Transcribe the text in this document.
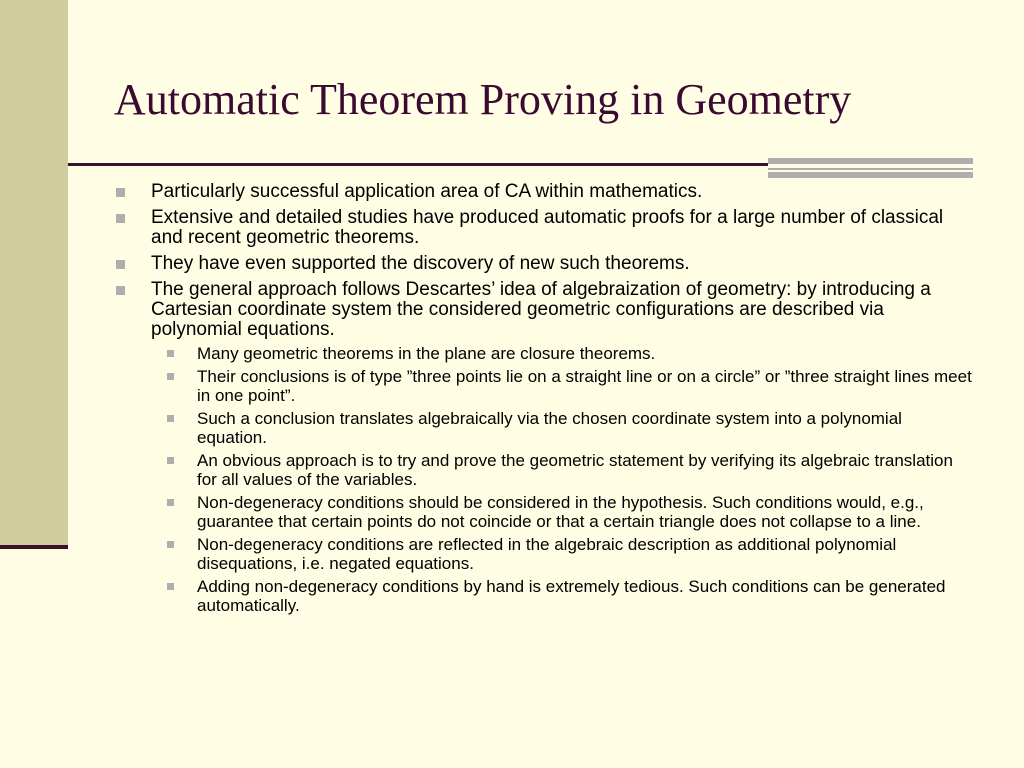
Automatic Theorem Proving in Geometry
Particularly successful application area of CA within mathematics.
Extensive and detailed studies have produced automatic proofs for a large number of classical and recent geometric theorems.
They have even supported the discovery of new such theorems.
The general approach follows Descartes’ idea of algebraization of geometry: by introducing a Cartesian coordinate system the considered geometric configurations are described via polynomial equations.
Many geometric theorems in the plane are closure theorems.
Their conclusions is of type ”three points lie on a straight line or on a circle” or ”three straight lines meet in one point”.
Such a conclusion translates algebraically via the chosen coordinate system into a polynomial equation.
An obvious approach is to try and prove the geometric statement by verifying its algebraic translation for all values of the variables.
Non-degeneracy conditions should be considered in the hypothesis. Such conditions would, e.g., guarantee that certain points do not coincide or that a certain triangle does not collapse to a line.
Non-degeneracy conditions are reflected in the algebraic description as additional polynomial disequations, i.e. negated equations.
Adding non-degeneracy conditions by hand is extremely tedious. Such conditions can be generated automatically.
